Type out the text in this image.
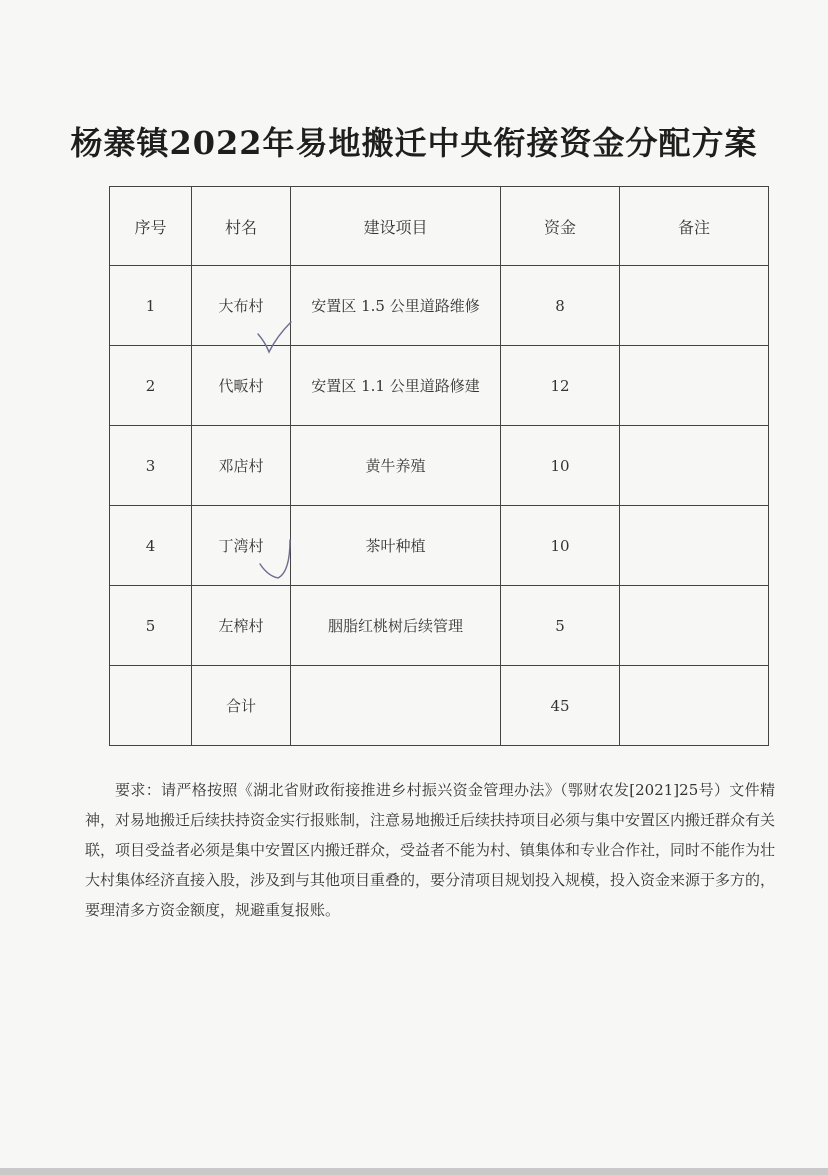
杨寨镇2022年易地搬迁中央衔接资金分配方案
序号	村名	建设项目	资金	备注
1	大布村	安置区 1.5 公里道路维修	8	
2	代畈村	安置区 1.1 公里道路修建	12	
3	邓店村	黄牛养殖	10	
4	丁湾村	茶叶种植	10	
5	左榨村	胭脂红桃树后续管理	5	
	合计		45	

要求：请严格按照《湖北省财政衔接推进乡村振兴资金管理办法》（鄂财农发[2021]25号）文件精神，对易地搬迁后续扶持资金实行报账制，注意易地搬迁后续扶持项目必须与集中安置区内搬迁群众有关联，项目受益者必须是集中安置区内搬迁群众，受益者不能为村、镇集体和专业合作社，同时不能作为壮大村集体经济直接入股，涉及到与其他项目重叠的，要分清项目规划投入规模，投入资金来源于多方的，要理清多方资金额度，规避重复报账。
